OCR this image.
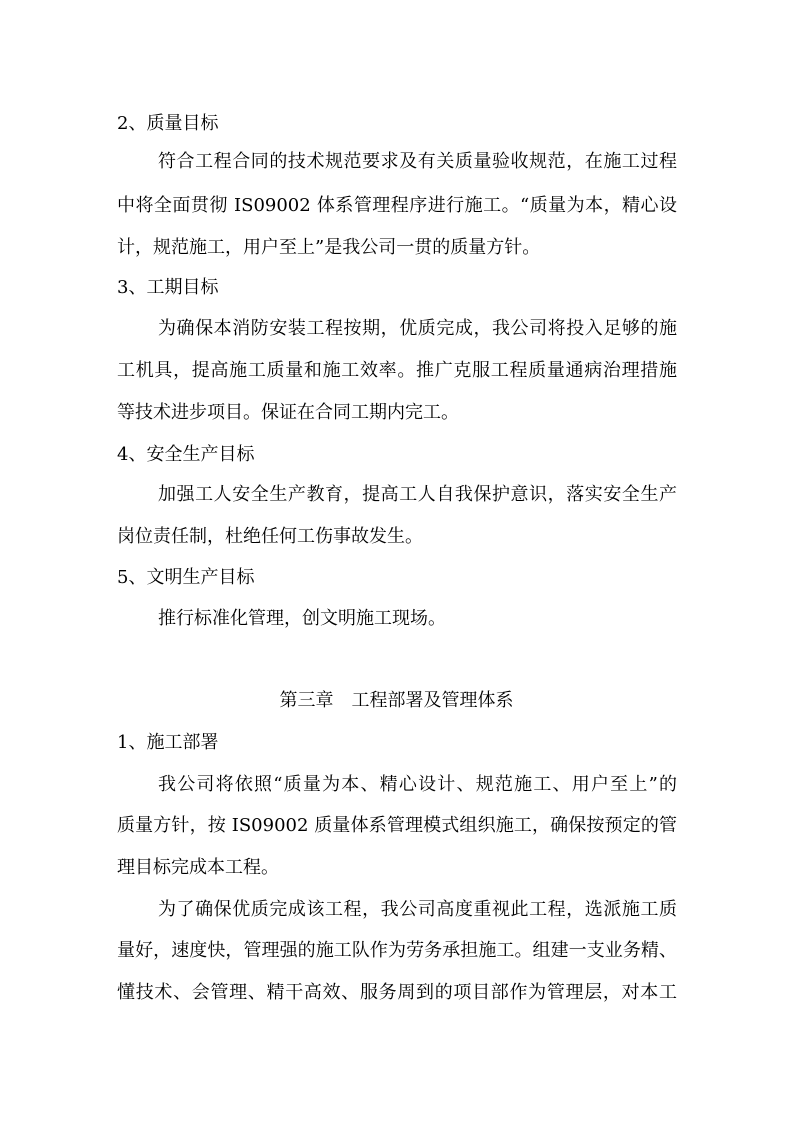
2、质量目标
符合工程合同的技术规范要求及有关质量验收规范，在施工过程
中将全面贯彻 IS09002 体系管理程序进行施工。“质量为本，精心设
计，规范施工，用户至上”是我公司一贯的质量方针。
3、工期目标
为确保本消防安装工程按期，优质完成，我公司将投入足够的施
工机具，提高施工质量和施工效率。推广克服工程质量通病治理措施
等技术进步项目。保证在合同工期内完工。
4、安全生产目标
加强工人安全生产教育，提高工人自我保护意识，落实安全生产
岗位责任制，杜绝任何工伤事故发生。
5、文明生产目标
推行标准化管理，创文明施工现场。
第三章　工程部署及管理体系
1、施工部署
我公司将依照“质量为本、精心设计、规范施工、用户至上”的
质量方针，按 IS09002 质量体系管理模式组织施工，确保按预定的管
理目标完成本工程。
为了确保优质完成该工程，我公司高度重视此工程，选派施工质
量好，速度快，管理强的施工队作为劳务承担施工。组建一支业务精、
懂技术、会管理、精干高效、服务周到的项目部作为管理层，对本工
